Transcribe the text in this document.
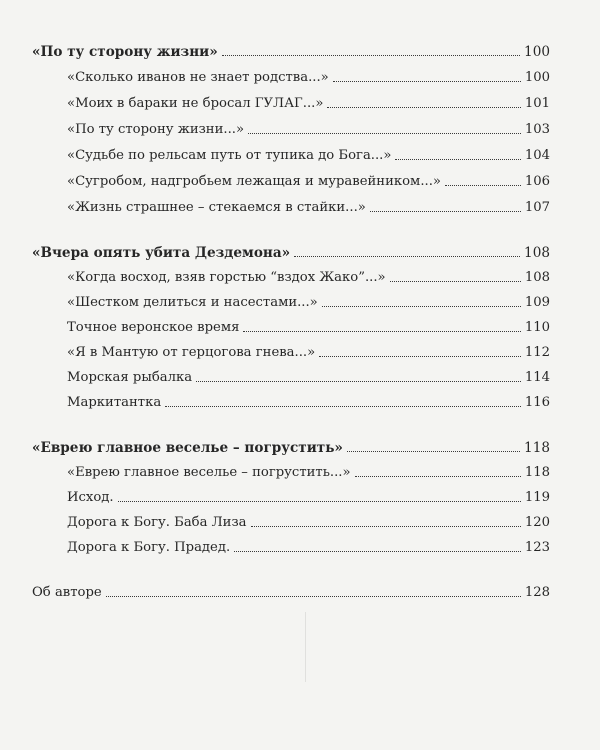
«По ту сторону жизни»	100
«Сколько иванов не знает родства...»	100
«Моих в бараки не бросал ГУЛАГ...»	101
«По ту сторону жизни...»	103
«Судьбе по рельсам путь от тупика до Бога...»	104
«Сугробом, надгробьем лежащая и муравейником...»	106
«Жизнь страшнее – стекаемся в стайки...»	107
«Вчера опять убита Дездемона»	108
«Когда восход, взяв горстью “вздох Жако”...»	108
«Шестком делиться и насестами...»	109
Точное веронское время	110
«Я в Мантую от герцогова гнева...»	112
Морская рыбалка	114
Маркитантка	116
«Еврею главное веселье – погрустить»	118
«Еврею главное веселье – погрустить...»	118
Исход.	119
Дорога к Богу. Баба Лиза	120
Дорога к Богу. Прадед.	123
Об авторе	128
